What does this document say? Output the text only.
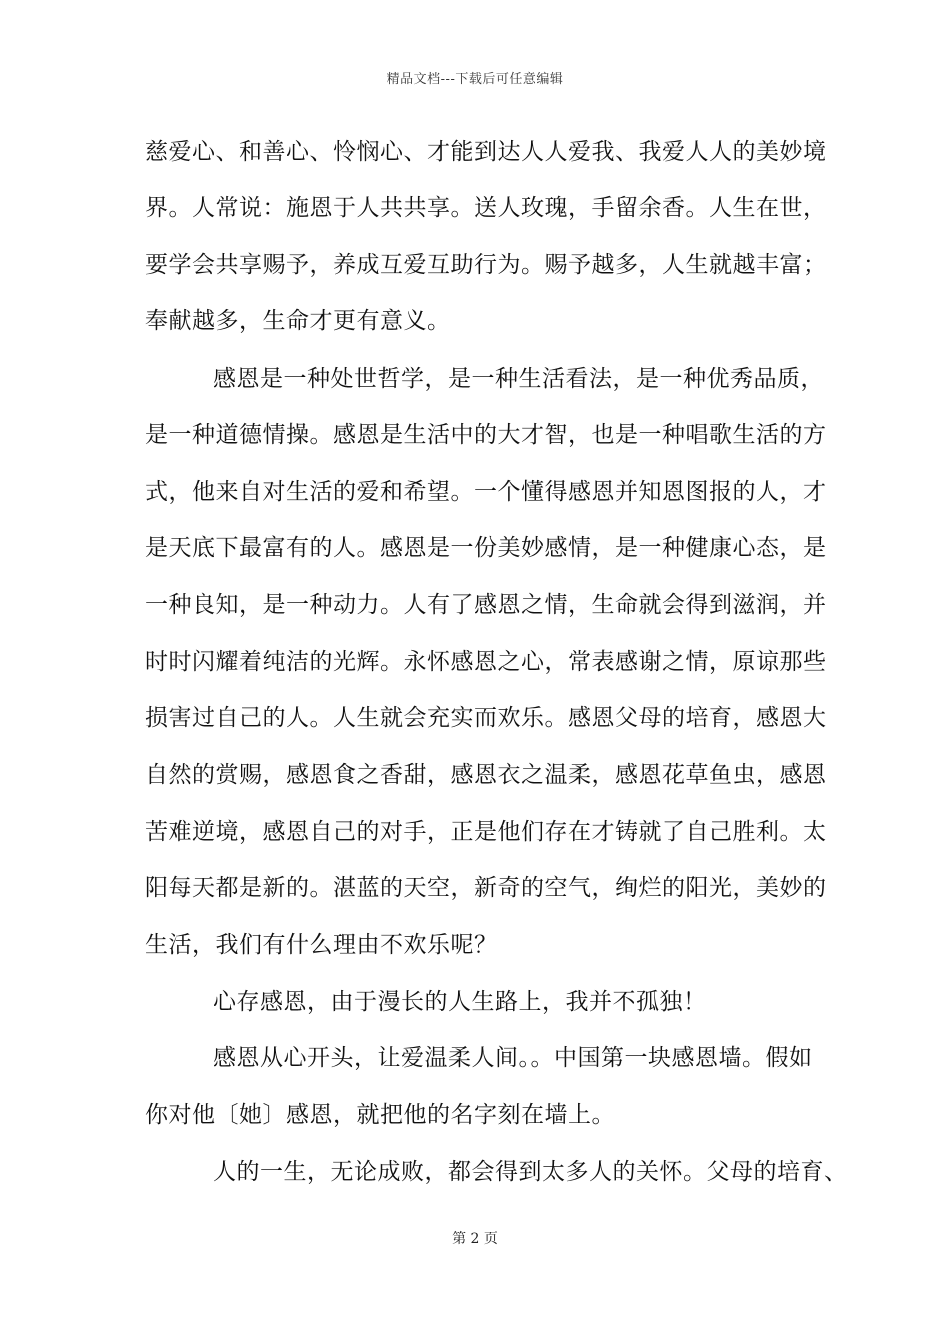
精品文档---下载后可任意编辑
慈爱心、和善心、怜悯心、才能到达人人爱我、我爱人人的美妙境
界。人常说：施恩于人共共享。送人玫瑰，手留余香。人生在世，
要学会共享赐予，养成互爱互助行为。赐予越多，人生就越丰富；
奉献越多，生命才更有意义。
感恩是一种处世哲学，是一种生活看法，是一种优秀品质，
是一种道德情操。感恩是生活中的大才智，也是一种唱歌生活的方
式，他来自对生活的爱和希望。一个懂得感恩并知恩图报的人，才
是天底下最富有的人。感恩是一份美妙感情，是一种健康心态，是
一种良知，是一种动力。人有了感恩之情，生命就会得到滋润，并
时时闪耀着纯洁的光辉。永怀感恩之心，常表感谢之情，原谅那些
损害过自己的人。人生就会充实而欢乐。感恩父母的培育，感恩大
自然的赏赐，感恩食之香甜，感恩衣之温柔，感恩花草鱼虫，感恩
苦难逆境，感恩自己的对手，正是他们存在才铸就了自己胜利。太
阳每天都是新的。湛蓝的天空，新奇的空气，绚烂的阳光，美妙的
生活，我们有什么理由不欢乐呢？
心存感恩，由于漫长的人生路上，我并不孤独！
感恩从心开头，让爱温柔人间。。中国第一块感恩墙。假如
你对他〔她〕感恩，就把他的名字刻在墙上。
人的一生，无论成败，都会得到太多人的关怀。父母的培育、
第 2 页
